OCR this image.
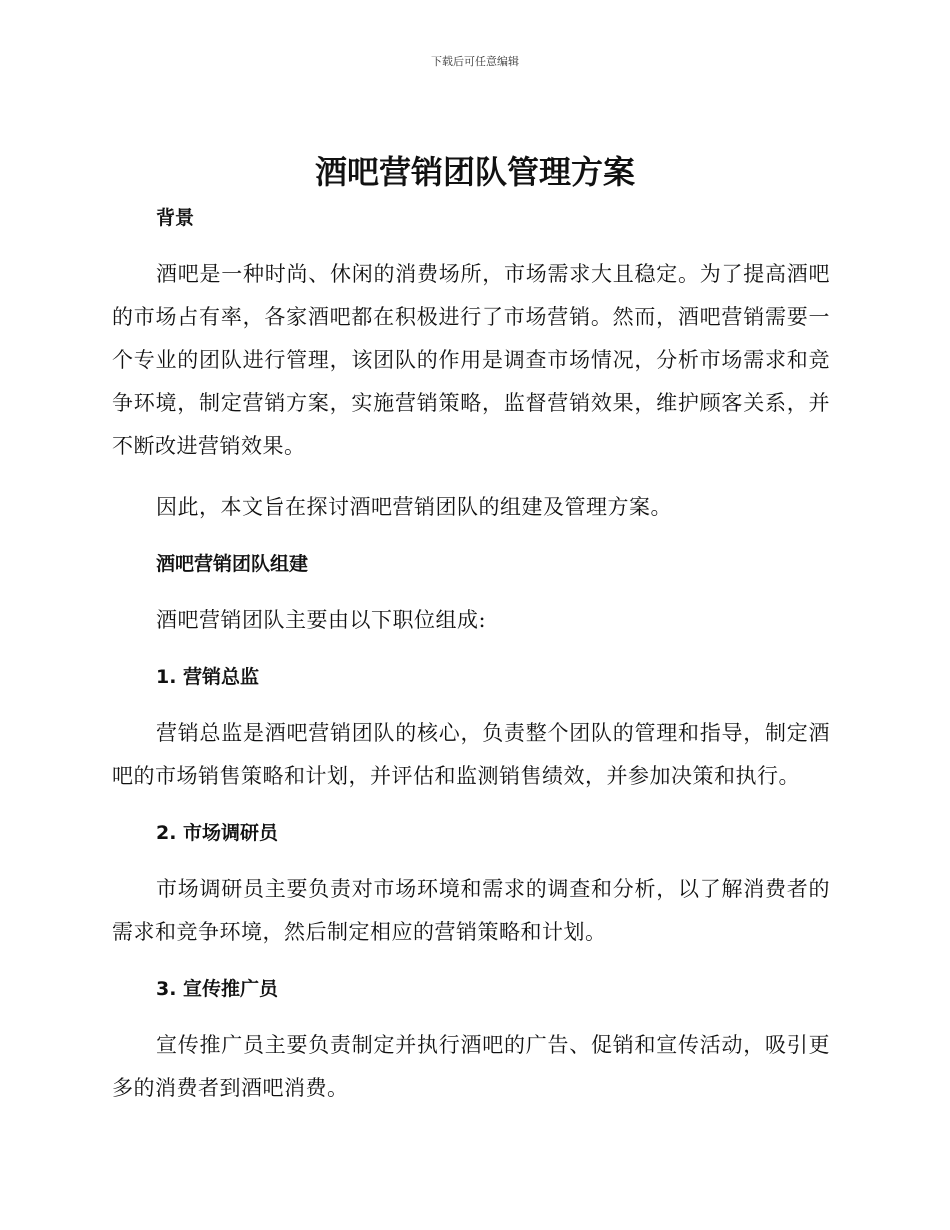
下载后可任意编辑
酒吧营销团队管理方案
背景

酒吧是一种时尚、休闲的消费场所，市场需求大且稳定。为了提高酒吧的市场占有率，各家酒吧都在积极进行了市场营销。然而，酒吧营销需要一个专业的团队进行管理，该团队的作用是调查市场情况，分析市场需求和竞争环境，制定营销方案，实施营销策略，监督营销效果，维护顾客关系，并不断改进营销效果。

因此，本文旨在探讨酒吧营销团队的组建及管理方案。

酒吧营销团队组建

酒吧营销团队主要由以下职位组成:

1. 营销总监

营销总监是酒吧营销团队的核心，负责整个团队的管理和指导，制定酒吧的市场销售策略和计划，并评估和监测销售绩效，并参加决策和执行。

2. 市场调研员

市场调研员主要负责对市场环境和需求的调查和分析，以了解消费者的需求和竞争环境，然后制定相应的营销策略和计划。

3. 宣传推广员

宣传推广员主要负责制定并执行酒吧的广告、促销和宣传活动，吸引更多的消费者到酒吧消费。
